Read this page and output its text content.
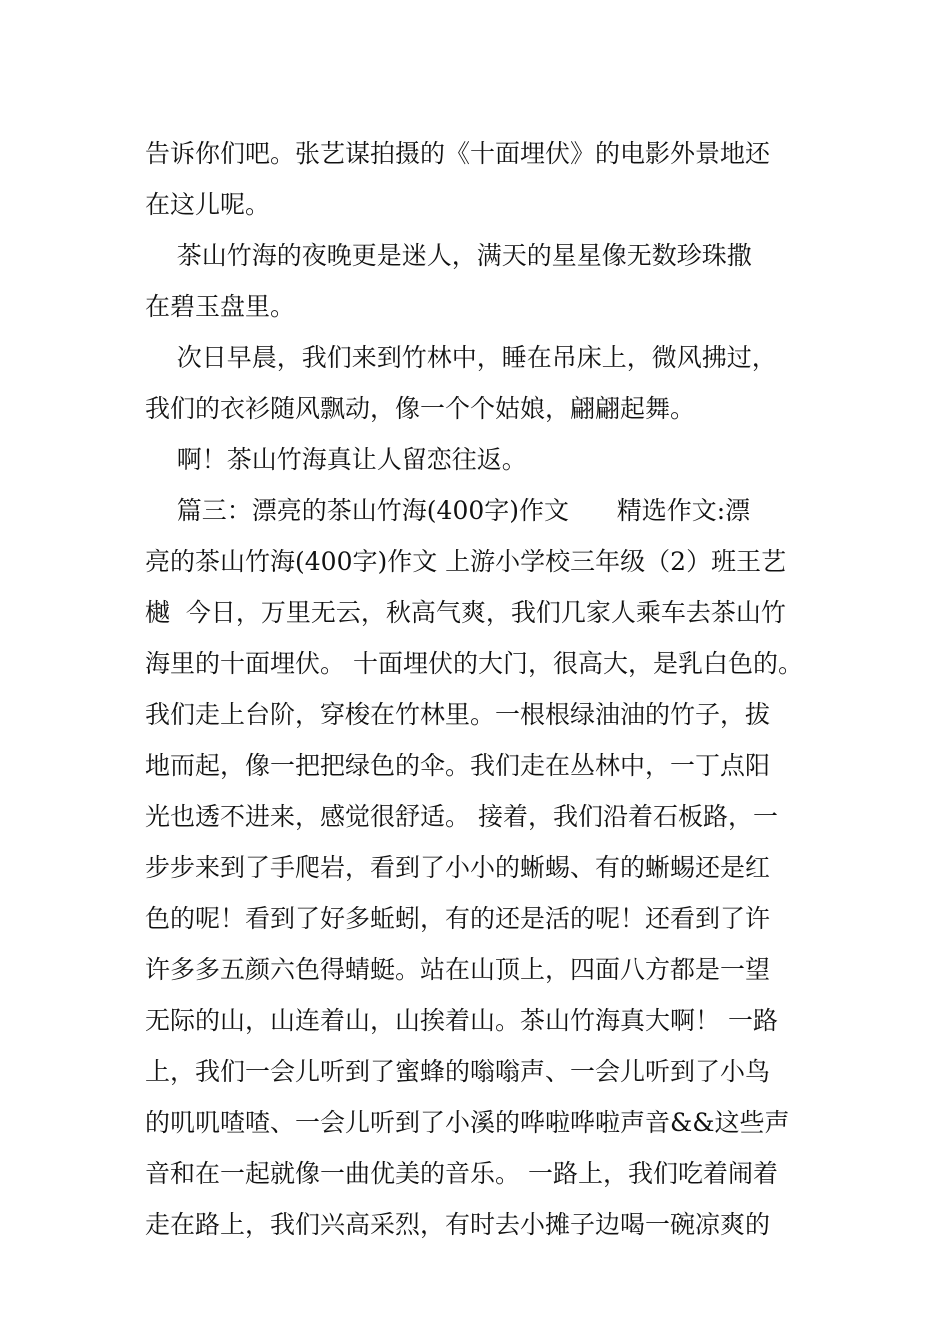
告诉你们吧。张艺谋拍摄的《十面埋伏》的电影外景地还
在这儿呢。
茶山竹海的夜晚更是迷人，满天的星星像无数珍珠撒
在碧玉盘里。
次日早晨，我们来到竹林中，睡在吊床上，微风拂过，
我们的衣衫随风飘动，像一个个姑娘，翩翩起舞。
啊！茶山竹海真让人留恋往返。
篇三：漂亮的茶山竹海(400字)作文      精选作文:漂
亮的茶山竹海(400字)作文 上游小学校三年级（2）班王艺
樾  今日，万里无云，秋高气爽，我们几家人乘车去茶山竹
海里的十面埋伏。 十面埋伏的大门，很高大，是乳白色的。
我们走上台阶，穿梭在竹林里。一根根绿油油的竹子，拔
地而起，像一把把绿色的伞。我们走在丛林中，一丁点阳
光也透不进来，感觉很舒适。 接着，我们沿着石板路，一
步步来到了手爬岩，看到了小小的蜥蜴、有的蜥蜴还是红
色的呢！看到了好多蚯蚓，有的还是活的呢！还看到了许
许多多五颜六色得蜻蜓。站在山顶上，四面八方都是一望
无际的山，山连着山，山挨着山。茶山竹海真大啊！ 一路
上，我们一会儿听到了蜜蜂的嗡嗡声、一会儿听到了小鸟
的叽叽喳喳、一会儿听到了小溪的哗啦哗啦声音&&这些声
音和在一起就像一曲优美的音乐。 一路上，我们吃着闹着
走在路上，我们兴高采烈，有时去小摊子边喝一碗凉爽的
